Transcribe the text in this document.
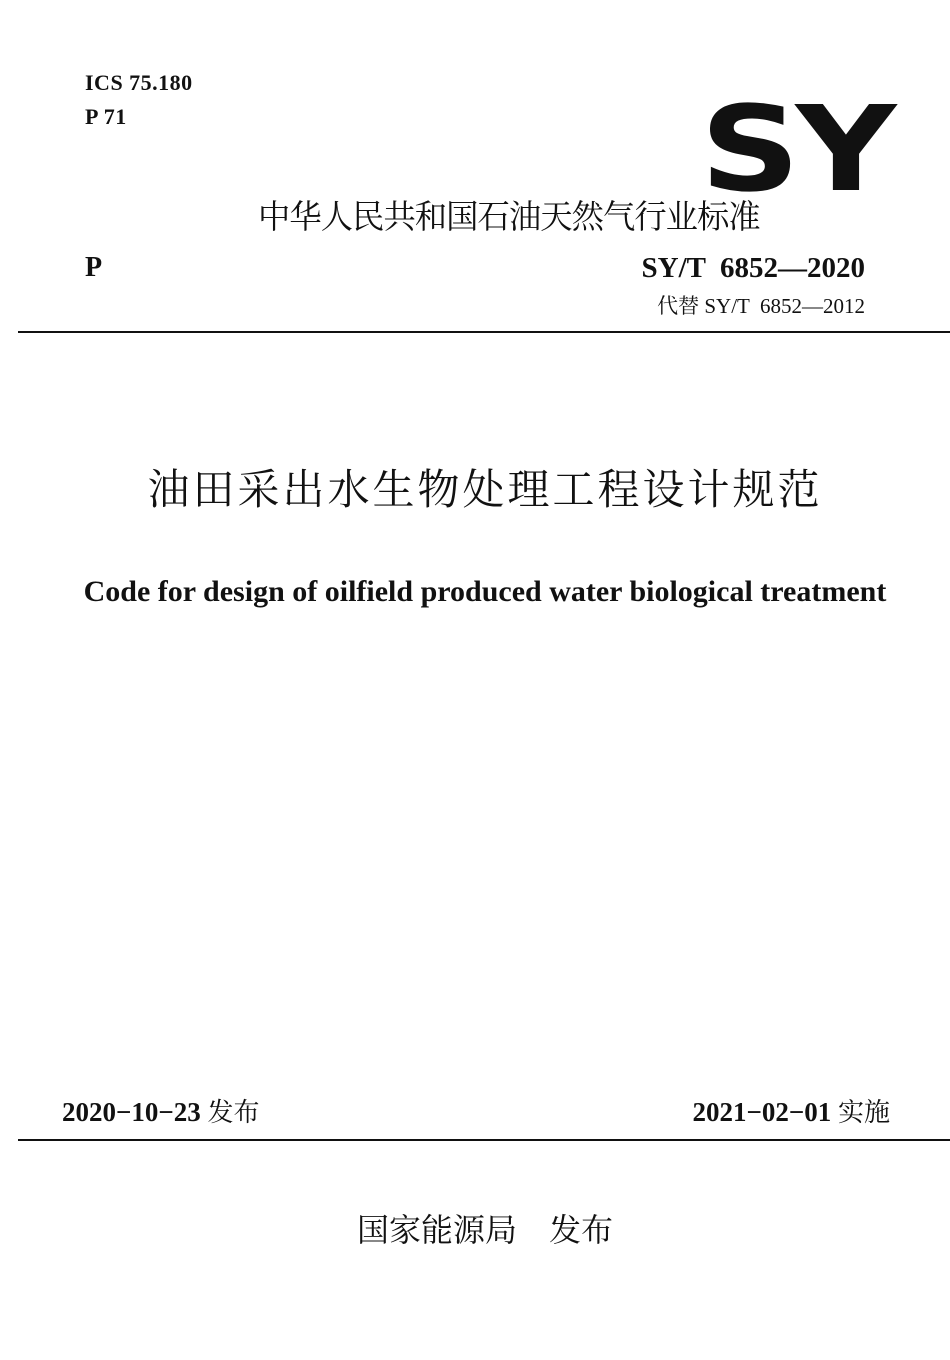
ICS 75.180
P 71	SY
中华人民共和国石油天然气行业标准
P	SY/T  6852—2020
代替 SY/T  6852—2012
油田采出水生物处理工程设计规范
Code for design of oilfield produced water biological treatment
2020−10−23 发布	2021−02−01 实施
国家能源局　发布
